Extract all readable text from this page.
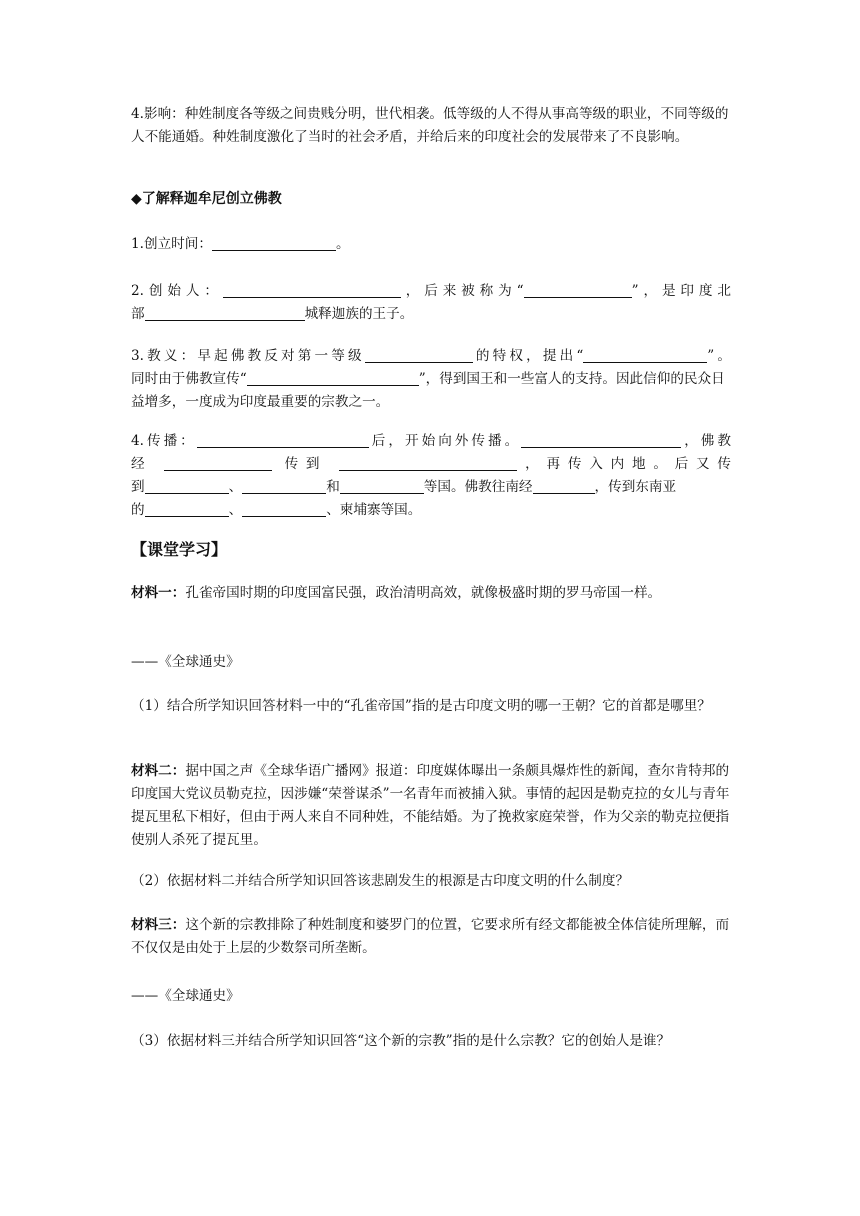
4.影响：种姓制度各等级之间贵贱分明，世代相袭。低等级的人不得从事高等级的职业，不同等级的人不能通婚。种姓制度激化了当时的社会矛盾，并给后来的印度社会的发展带来了不良影响。

◆了解释迦牟尼创立佛教

1.创立时间：	。

2.创始人：	，后来被称为“	”，是印度北
部	城释迦族的王子。
3.教义：早起佛教反对第一等级	的特权，提出“	”。
同时由于佛教宣传“	”，得到国王和一些富人的支持。因此信仰的民众日益增多，一度成为印度最重要的宗教之一。
4.传播：	后，开始向外传播。	，佛教
经	传到	，再传入内地。后又传
到	、	和	等国。佛教往南经	，传到东南亚
的	、	、柬埔寨等国。

【课堂学习】

材料一：孔雀帝国时期的印度国富民强，政治清明高效，就像极盛时期的罗马帝国一样。

——《全球通史》

（1）结合所学知识回答材料一中的“孔雀帝国”指的是古印度文明的哪一王朝？它的首都是哪里？

材料二：据中国之声《全球华语广播网》报道：印度媒体曝出一条颇具爆炸性的新闻，查尔肯特邦的印度国大党议员勒克拉，因涉嫌“荣誉谋杀”一名青年而被捕入狱。事情的起因是勒克拉的女儿与青年提瓦里私下相好，但由于两人来自不同种姓，不能结婚。为了挽救家庭荣誉，作为父亲的勒克拉便指使别人杀死了提瓦里。

（2）依据材料二并结合所学知识回答该悲剧发生的根源是古印度文明的什么制度？

材料三：这个新的宗教排除了种姓制度和婆罗门的位置，它要求所有经文都能被全体信徒所理解，而不仅仅是由处于上层的少数祭司所垄断。

——《全球通史》

（3）依据材料三并结合所学知识回答“这个新的宗教”指的是什么宗教？它的创始人是谁？
